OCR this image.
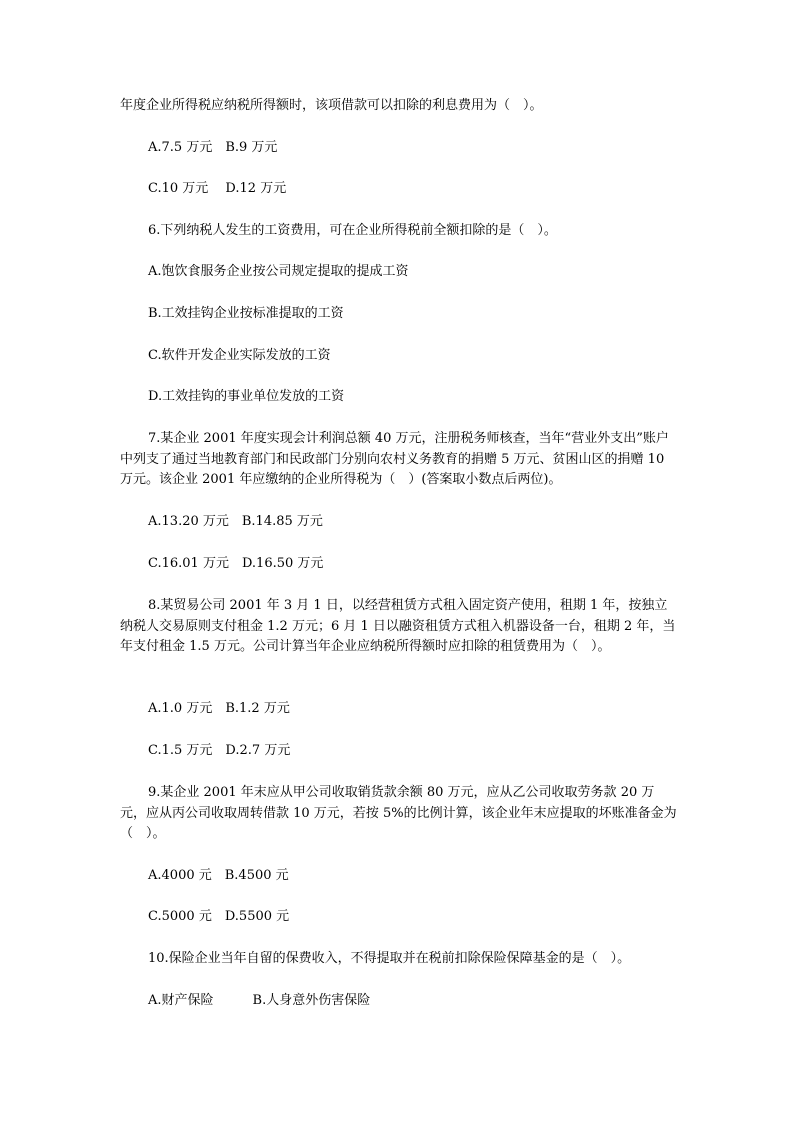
年度企业所得税应纳税所得额时，该项借款可以扣除的利息费用为（　）。
A.7.5 万元　B.9 万元
C.10 万元　 D.12 万元
6.下列纳税人发生的工资费用，可在企业所得税前全额扣除的是（　）。
A.饱饮食服务企业按公司规定提取的提成工资
B.工效挂钩企业按标准提取的工资
C.软件开发企业实际发放的工资
D.工效挂钩的事业单位发放的工资
7.某企业 2001 年度实现会计利润总额 40 万元，注册税务师核查，当年“营业外支出”账户中列支了通过当地教育部门和民政部门分别向农村义务教育的捐赠 5 万元、贫困山区的捐赠 10 万元。该企业 2001 年应缴纳的企业所得税为（　）(答案取小数点后两位)。
A.13.20 万元　B.14.85 万元
C.16.01 万元　D.16.50 万元
8.某贸易公司 2001 年 3 月 1 日，以经营租赁方式租入固定资产使用，租期 1 年，按独立纳税人交易原则支付租金 1.2 万元；6 月 1 日以融资租赁方式租入机器设备一台，租期 2 年，当年支付租金 1.5 万元。公司计算当年企业应纳税所得额时应扣除的租赁费用为（　）。
A.1.0 万元　B.1.2 万元
C.1.5 万元　D.2.7 万元
9.某企业 2001 年末应从甲公司收取销货款余额 80 万元，应从乙公司收取劳务款 20 万元，应从丙公司收取周转借款 10 万元，若按 5%的比例计算，该企业年末应提取的坏账准备金为（　）。
A.4000 元　B.4500 元
C.5000 元　D.5500 元
10.保险企业当年自留的保费收入，不得提取并在税前扣除保险保障基金的是（　）。
A.财产保险　　　B.人身意外伤害保险
